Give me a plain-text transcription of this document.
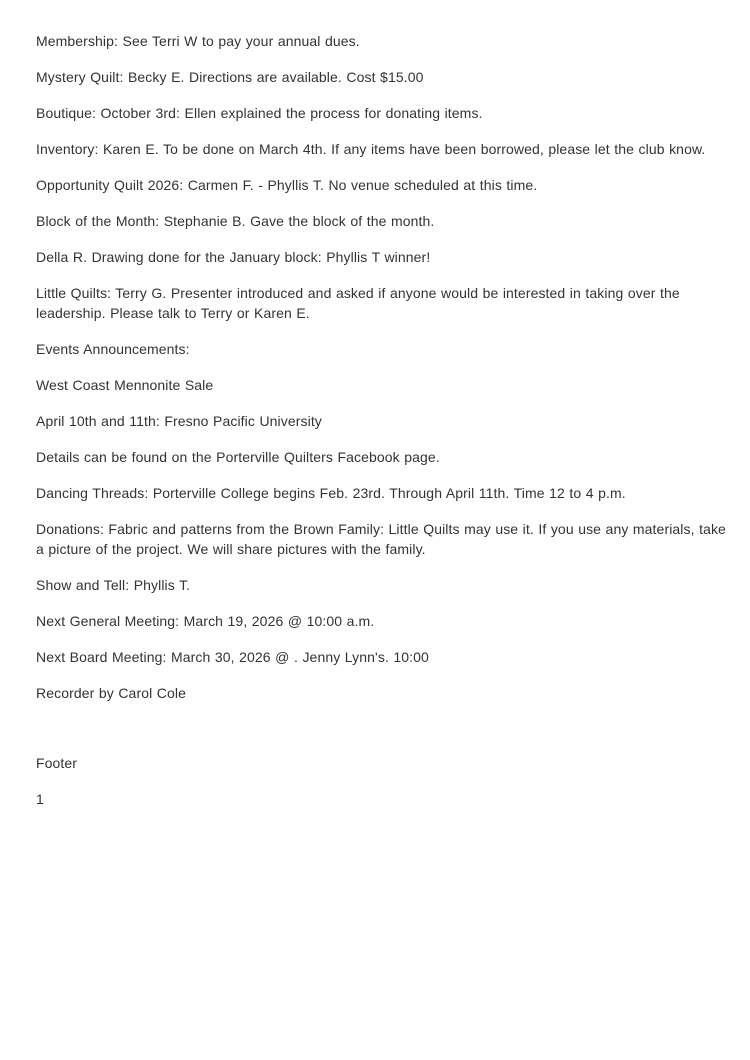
Membership: See Terri W to pay your annual dues.

Mystery Quilt: Becky E. Directions are available. Cost $15.00

Boutique: October 3rd: Ellen explained the process for donating items.

Inventory: Karen E. To be done on March 4th. If any items have been borrowed, please let the club know.

Opportunity Quilt 2026: Carmen F. - Phyllis T. No venue scheduled at this time.

Block of the Month: Stephanie B. Gave the block of the month.

Della R. Drawing done for the January block: Phyllis T winner!

Little Quilts: Terry G. Presenter introduced and asked if anyone would be interested in taking over the leadership. Please talk to Terry or Karen E.

Events Announcements:

West Coast Mennonite Sale

April 10th and 11th: Fresno Pacific University

Details can be found on the Porterville Quilters Facebook page.

Dancing Threads: Porterville College begins Feb. 23rd. Through April 11th. Time 12 to 4 p.m.

Donations: Fabric and patterns from the Brown Family: Little Quilts may use it. If you use any materials, take a picture of the project. We will share pictures with the family.

Show and Tell: Phyllis T.

Next General Meeting: March 19, 2026 @ 10:00 a.m.

Next Board Meeting: March 30, 2026 @ . Jenny Lynn's. 10:00

Recorder by Carol Cole

Footer

1
